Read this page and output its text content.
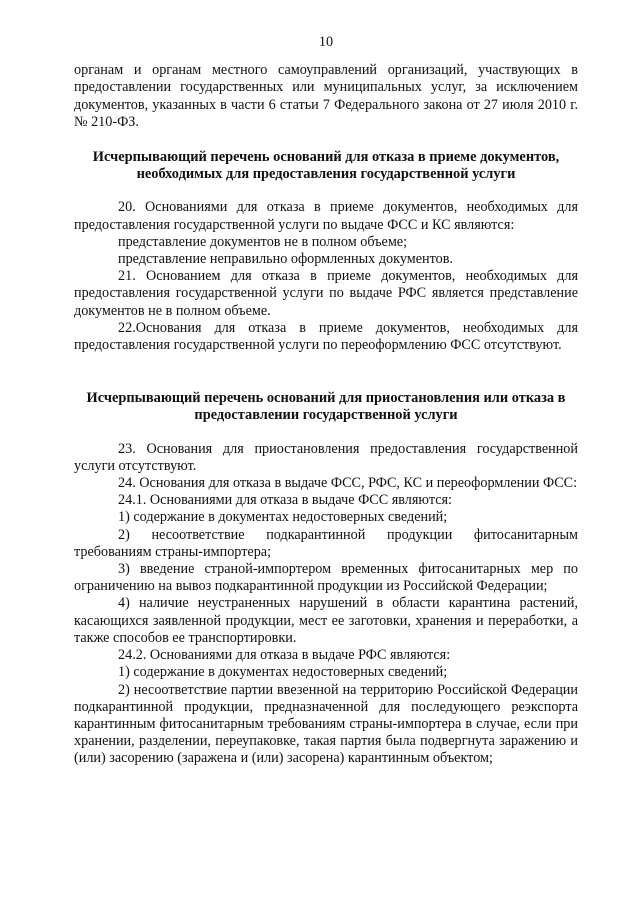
10

органам и органам местного самоуправлений организаций, участвующих в предоставлении государственных или муниципальных услуг, за исключением документов, указанных в части 6 статьи 7 Федерального закона от 27 июля 2010 г. № 210-ФЗ.

Исчерпывающий перечень оснований для отказа в приеме документов, необходимых для предоставления государственной услуги

20. Основаниями для отказа в приеме документов, необходимых для предоставления государственной услуги по выдаче ФСС и КС являются:

представление документов не в полном объеме;

представление неправильно оформленных документов.

21. Основанием для отказа в приеме документов, необходимых для предоставления государственной услуги по выдаче РФС является представление документов не в полном объеме.

22.Основания для отказа в приеме документов, необходимых для предоставления государственной услуги по переоформлению ФСС отсутствуют.

Исчерпывающий перечень оснований для приостановления или отказа в предоставлении государственной услуги

23. Основания для приостановления предоставления государственной услуги отсутствуют.

24. Основания для отказа в выдаче ФСС, РФС, КС и переоформлении ФСС:

24.1. Основаниями для отказа в выдаче ФСС являются:

1) содержание в документах недостоверных сведений;

2) несоответствие подкарантинной продукции фитосанитарным требованиям страны-импортера;

3) введение страной-импортером временных фитосанитарных мер по ограничению на вывоз подкарантинной продукции из Российской Федерации;

4) наличие неустраненных нарушений в области карантина растений, касающихся заявленной продукции, мест ее заготовки, хранения и переработки, а также способов ее транспортировки.

24.2. Основаниями для отказа в выдаче РФС являются:

1) содержание в документах недостоверных сведений;

2) несоответствие партии ввезенной на территорию Российской Федерации подкарантинной продукции, предназначенной для последующего реэкспорта карантинным фитосанитарным требованиям страны-импортера в случае, если при хранении, разделении, переупаковке, такая партия была подвергнута заражению и (или) засорению (заражена и (или) засорена) карантинным объектом;
